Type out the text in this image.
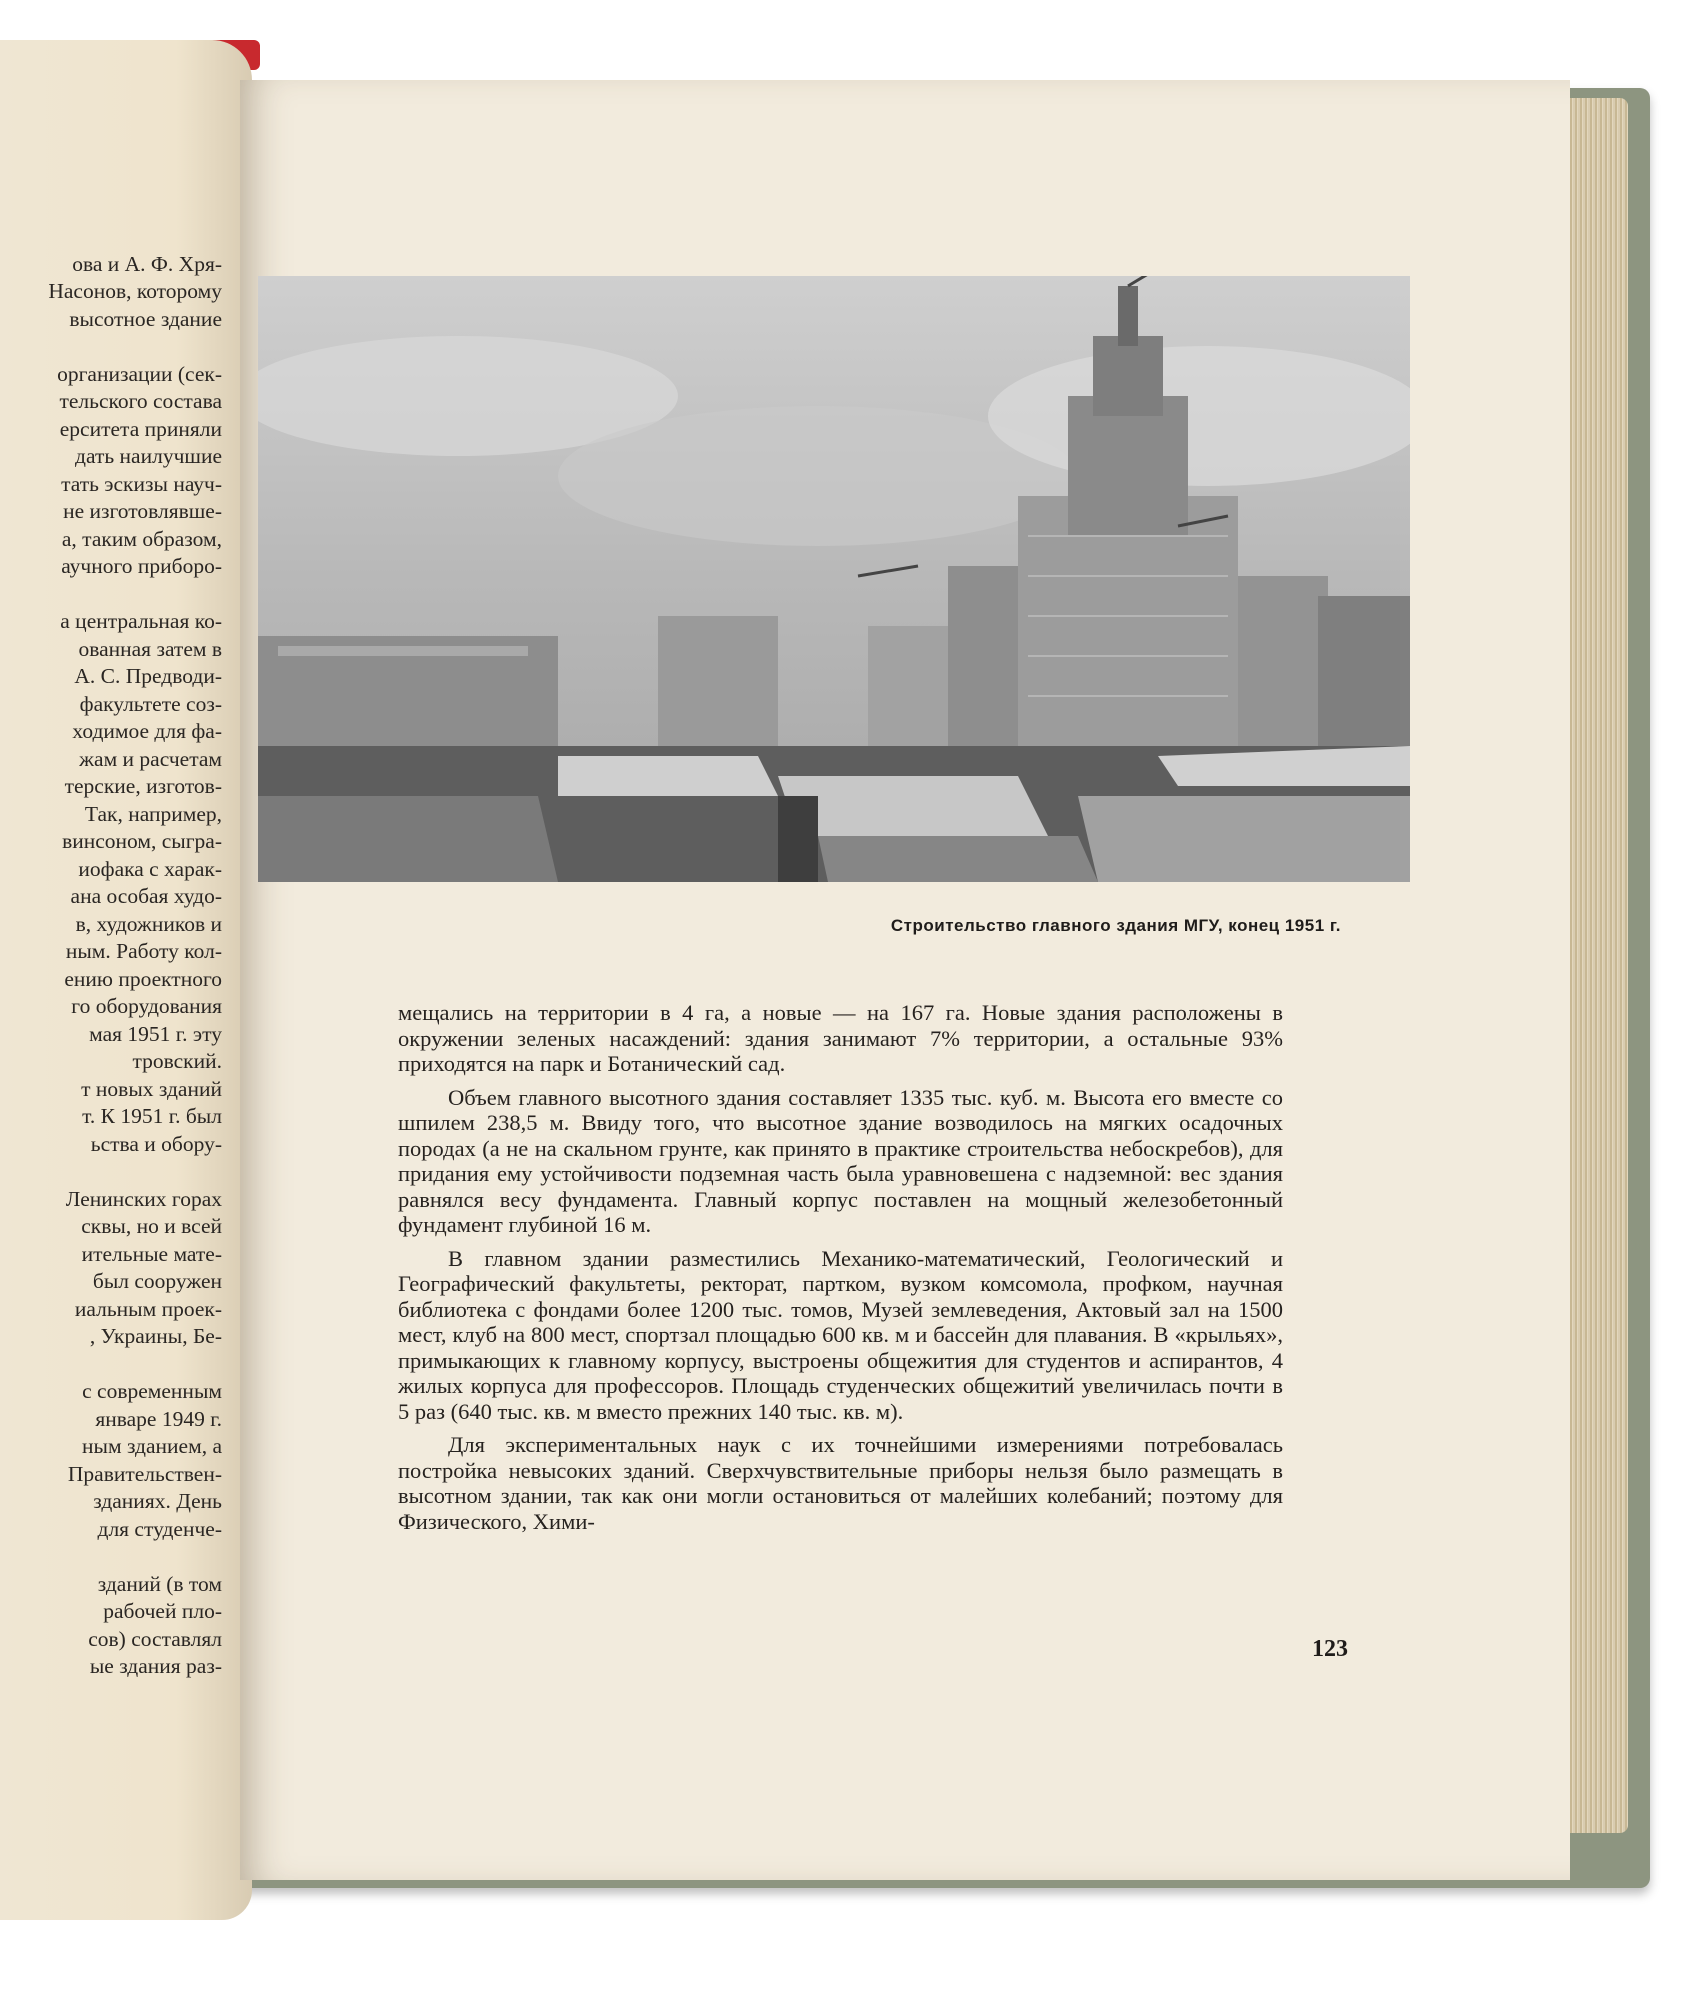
ова и А. Ф. Хря-
Насонов, которому
высотное здание
организации (сек-
тельского состава
ерситета приняли
дать наилучшие
тать эскизы науч-
не изготовлявше-
а, таким образом,
аучного приборо-
а центральная ко-
ованная затем в
А. С. Предводи-
факультете соз-
ходимое для фа-
жам и расчетам
терские, изготов-
Так, например,
винсоном, сыгра-
иофака с харак-
ана особая худо-
в, художников и
ным. Работу кол-
ению проектного
го оборудования
мая 1951 г. эту
тровский.
т новых зданий
т. К 1951 г. был
ьства и обору-
Ленинских горах
сквы, но и всей
ительные мате-
был сооружен
иальным проек-
, Украины, Бе-
с современным
январе 1949 г.
ным зданием, а
Правительствен-
зданиях. День
для студенче-
зданий (в том
рабочей пло-
сов) составлял
ые здания раз-
Строительство главного здания МГУ, конец 1951 г.

мещались на территории в 4 га, а новые — на 167 га. Новые здания расположены в окружении зеленых насаждений: здания занимают 7% территории, а остальные 93% приходятся на парк и Ботанический сад.

Объем главного высотного здания составляет 1335 тыс. куб. м. Высота его вместе со шпилем 238,5 м. Ввиду того, что высотное здание возводилось на мягких осадочных породах (а не на скальном грунте, как принято в практике строительства небоскребов), для придания ему устойчивости подземная часть была уравновешена с надземной: вес здания равнялся весу фундамента. Главный корпус поставлен на мощный железобетонный фундамент глубиной 16 м.

В главном здании разместились Механико-математический, Геологический и Географический факультеты, ректорат, партком, вузком комсомола, профком, научная библиотека с фондами более 1200 тыс. томов, Музей землеведения, Актовый зал на 1500 мест, клуб на 800 мест, спортзал площадью 600 кв. м и бассейн для плавания. В «крыльях», примыкающих к главному корпусу, выстроены общежития для студентов и аспирантов, 4 жилых корпуса для профессоров. Площадь студенческих общежитий увеличилась почти в 5 раз (640 тыс. кв. м вместо прежних 140 тыс. кв. м).

Для экспериментальных наук с их точнейшими измерениями потребовалась постройка невысоких зданий. Сверхчувствительные приборы нельзя было размещать в высотном здании, так как они могли остановиться от малейших колебаний; поэтому для Физического, Хими-

123
